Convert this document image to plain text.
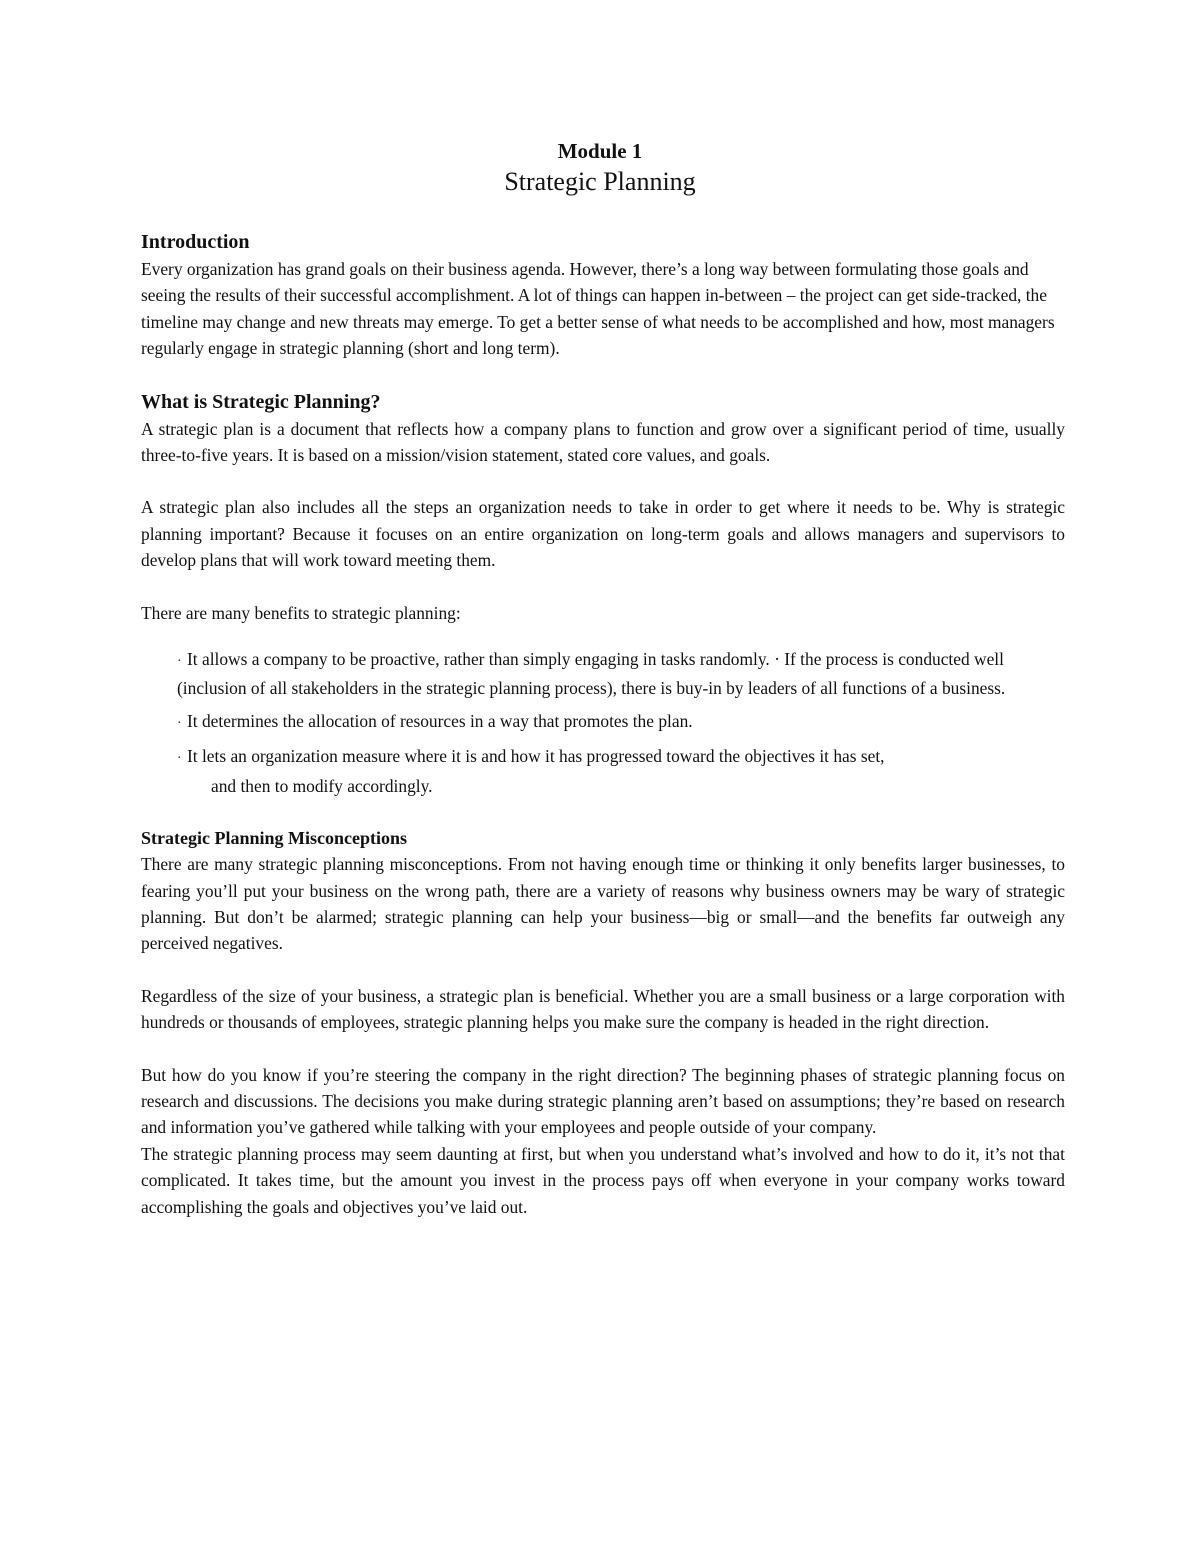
Module 1
Strategic Planning
Introduction

Every organization has grand goals on their business agenda. However, there’s a long way between formulating those goals and seeing the results of their successful accomplishment. A lot of things can happen in-between – the project can get side-tracked, the timeline may change and new threats may emerge. To get a better sense of what needs to be accomplished and how, most managers regularly engage in strategic planning (short and long term).

What is Strategic Planning?

A strategic plan is a document that reflects how a company plans to function and grow over a significant period of time, usually three-to-five years. It is based on a mission/vision statement, stated core values, and goals.

A strategic plan also includes all the steps an organization needs to take in order to get where it needs to be. Why is strategic planning important? Because it focuses on an entire organization on long-term goals and allows managers and supervisors to develop plans that will work toward meeting them.

There are many benefits to strategic planning:

· It allows a company to be proactive, rather than simply engaging in tasks randomly. · If the process is conducted well (inclusion of all stakeholders in the strategic planning process), there is buy-in by leaders of all functions of a business.
· It determines the allocation of resources in a way that promotes the plan.
· It lets an organization measure where it is and how it has progressed toward the objectives it has set,
and then to modify accordingly.
Strategic Planning Misconceptions

There are many strategic planning misconceptions. From not having enough time or thinking it only benefits larger businesses, to fearing you’ll put your business on the wrong path, there are a variety of reasons why business owners may be wary of strategic planning. But don’t be alarmed; strategic planning can help your business—big or small—and the benefits far outweigh any perceived negatives.

Regardless of the size of your business, a strategic plan is beneficial. Whether you are a small business or a large corporation with hundreds or thousands of employees, strategic planning helps you make sure the company is headed in the right direction.

But how do you know if you’re steering the company in the right direction? The beginning phases of strategic planning focus on research and discussions. The decisions you make during strategic planning aren’t based on assumptions; they’re based on research and information you’ve gathered while talking with your employees and people outside of your company.

The strategic planning process may seem daunting at first, but when you understand what’s involved and how to do it, it’s not that complicated. It takes time, but the amount you invest in the process pays off when everyone in your company works toward accomplishing the goals and objectives you’ve laid out.
